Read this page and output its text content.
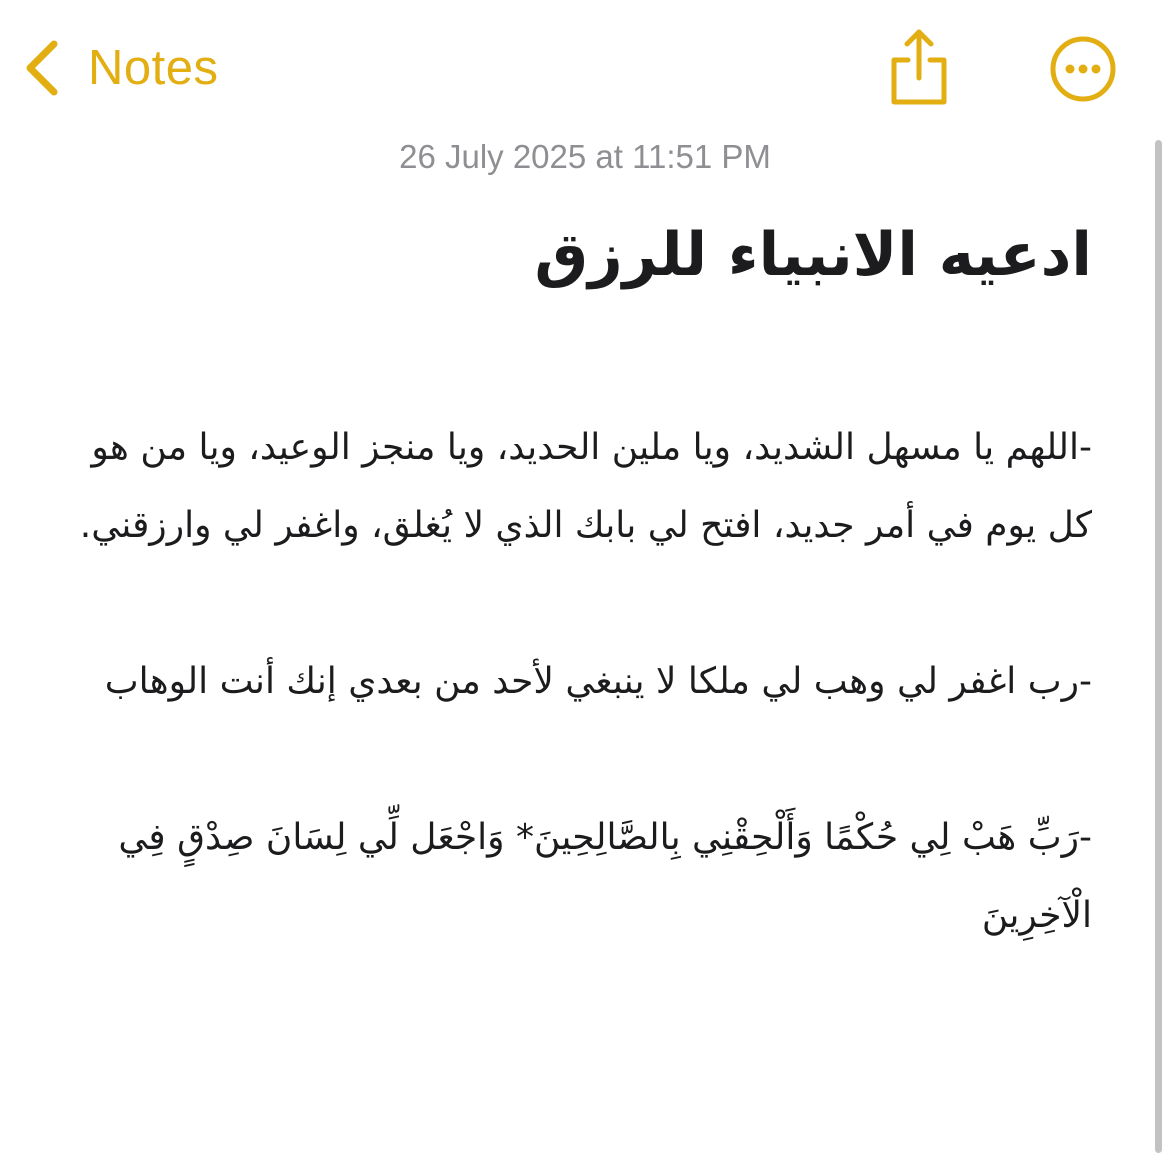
Notes
26 July 2025 at 11:51 PM
ادعيه الانبياء للرزق

-اللهم يا مسهل الشديد، ويا ملين الحديد، ويا منجز الوعيد، ويا من هو كل يوم في أمر جديد، افتح لي بابك الذي لا يُغلق، واغفر لي وارزقني.

-رب اغفر لي وهب لي ملكا لا ينبغي لأحد من بعدي إنك أنت الوهاب

-رَبِّ هَبْ لِي حُكْمًا وَأَلْحِقْنِي بِالصَّالِحِينَ* وَاجْعَل لِّي لِسَانَ صِدْقٍ فِي الْآخِرِينَ
